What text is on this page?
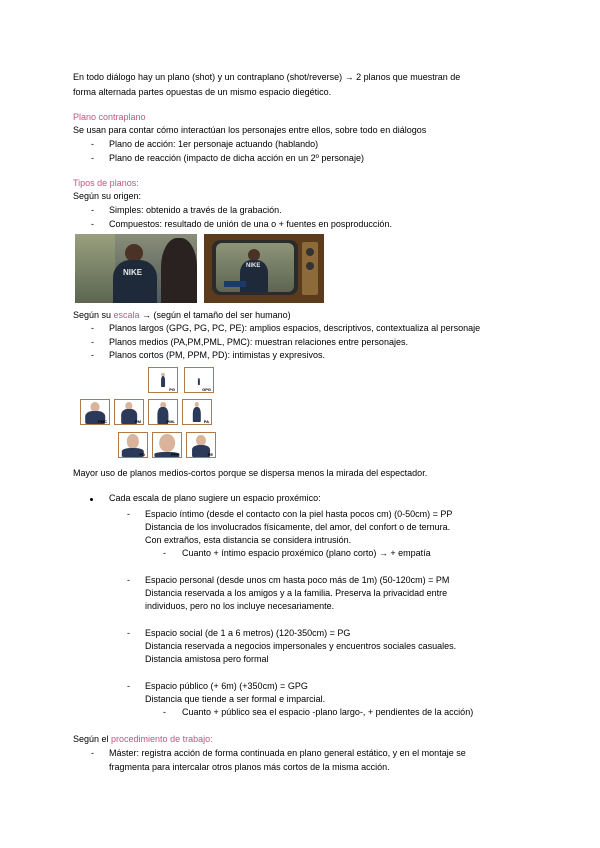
En todo diálogo hay un plano (shot) y un contraplano (shot/reverse) → 2 planos que muestran de
forma alternada partes opuestas de un mismo espacio diegético.
Plano contraplano
Se usan para contar cómo interactúan los personajes entre ellos, sobre todo en diálogos
- Plano de acción: 1er personaje actuando (hablando)
- Plano de reacción (impacto de dicha acción en un 2º personaje)
Tipos de planos:
Según su origen:
- Simples: obtenido a través de la grabación.
- Compuestos: resultado de unión de una o + fuentes en posproducción.
NIKE
NIKE
Según su escala → (según el tamaño del ser humano)
- Planos largos (GPG, PG, PC, PE): amplios espacios, descriptivos, contextualiza al personaje
- Planos medios (PA,PM,PML, PMC): muestran relaciones entre personajes.
- Planos cortos (PM, PPM, PD): intimistas y expresivos.
PG	GPG
PMC	PM	PML	PA
PD	PPP	PE
Mayor uso de planos medios-cortos porque se dispersa menos la mirada del espectador.
Cada escala de plano sugiere un espacio proxémico:
- Espacio íntimo (desde el contacto con la piel hasta pocos cm) (0-50cm) = PP
Distancia de los involucrados físicamente, del amor, del confort o de ternura.
Con extraños, esta distancia se considera intrusión.
- Cuanto + íntimo espacio proxémico (plano corto) → + empatía
- Espacio personal (desde unos cm hasta poco más de 1m) (50-120cm) = PM
Distancia reservada a los amigos y a la familia. Preserva la privacidad entre
individuos, pero no los incluye necesariamente.
- Espacio social (de 1 a 6 metros) (120-350cm) = PG
Distancia reservada a negocios impersonales y encuentros sociales casuales.
Distancia amistosa pero formal
- Espacio público (+ 6m) (+350cm) = GPG
Distancia que tiende a ser formal e imparcial.
- Cuanto + público sea el espacio -plano largo-, + pendientes de la acción)
Según el procedimiento de trabajo:
- Máster: registra acción de forma continuada en plano general estático, y en el montaje se
fragmenta para intercalar otros planos más cortos de la misma acción.
